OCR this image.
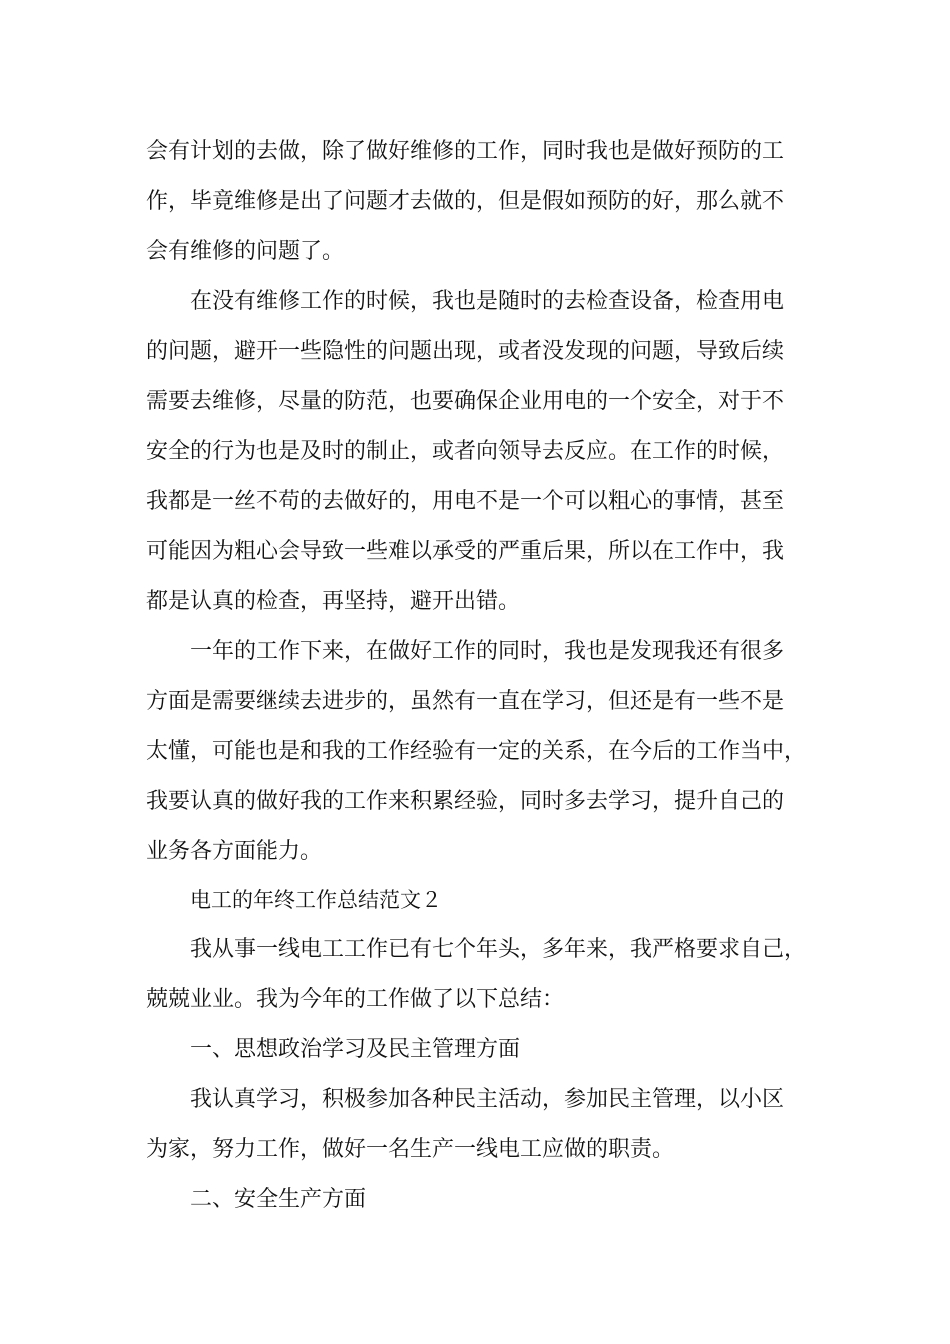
会有计划的去做，除了做好维修的工作，同时我也是做好预防的工
作，毕竟维修是出了问题才去做的，但是假如预防的好，那么就不
会有维修的问题了。
在没有维修工作的时候，我也是随时的去检查设备，检查用电
的问题，避开一些隐性的问题出现，或者没发现的问题，导致后续
需要去维修，尽量的防范，也要确保企业用电的一个安全，对于不
安全的行为也是及时的制止，或者向领导去反应。在工作的时候，
我都是一丝不苟的去做好的，用电不是一个可以粗心的事情，甚至
可能因为粗心会导致一些难以承受的严重后果，所以在工作中，我
都是认真的检查，再坚持，避开出错。
一年的工作下来，在做好工作的同时，我也是发现我还有很多
方面是需要继续去进步的，虽然有一直在学习，但还是有一些不是
太懂，可能也是和我的工作经验有一定的关系，在今后的工作当中，
我要认真的做好我的工作来积累经验，同时多去学习，提升自己的
业务各方面能力。
电工的年终工作总结范文２
我从事一线电工工作已有七个年头，多年来，我严格要求自己，
兢兢业业。我为今年的工作做了以下总结：
一、思想政治学习及民主管理方面
我认真学习，积极参加各种民主活动，参加民主管理，以小区
为家，努力工作，做好一名生产一线电工应做的职责。
二、安全生产方面
